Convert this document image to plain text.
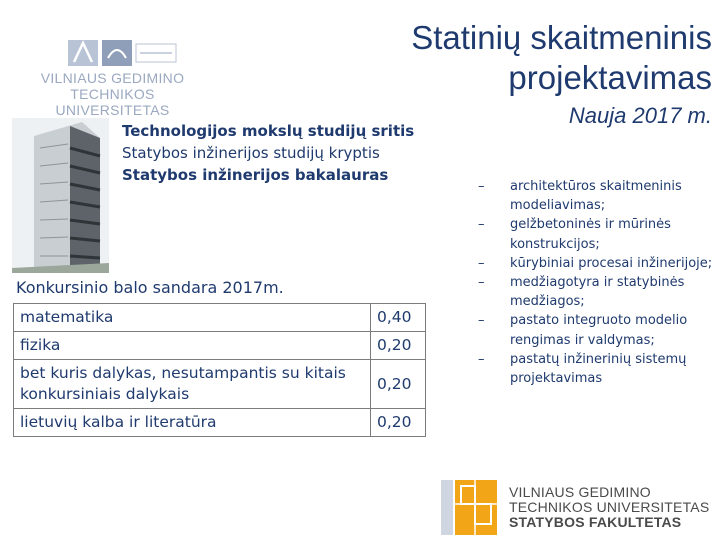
VILNIAUS GEDIMINO
TECHNIKOS UNIVERSITETAS
Statinių skaitmeninis
projektavimas
Nauja 2017 m.
Technologijos mokslų studijų sritis
Statybos inžinerijos studijų kryptis
Statybos inžinerijos bakalauras
Konkursinio balo sandara 2017m.
matematika	0,40
fizika	0,20
bet kuris dalykas, nesutampantis su kitais konkursiniais dalykais	0,20
lietuvių kalba ir literatūra	0,20
– architektūros skaitmeninis modeliavimas;
– gelžbetoninės ir mūrinės konstrukcijos;
– kūrybiniai procesai inžinerijoje;
– medžiagotyra ir statybinės medžiagos;
– pastato integruoto modelio rengimas ir valdymas;
– pastatų inžinerinių sistemų projektavimas
VILNIAUS GEDIMINO
TECHNIKOS UNIVERSITETAS
STATYBOS FAKULTETAS
